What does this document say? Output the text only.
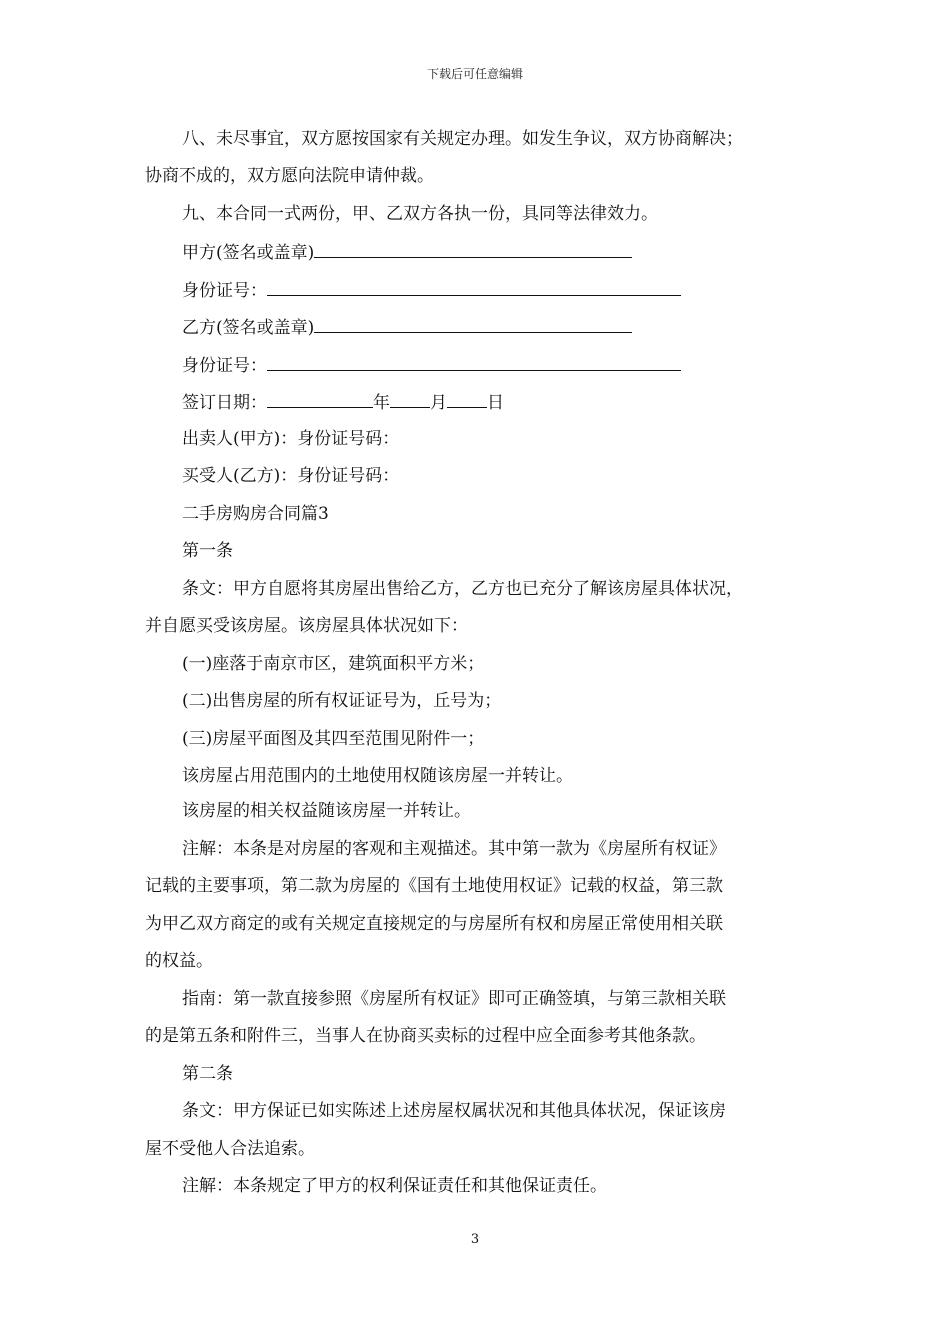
下载后可任意编辑
八、未尽事宜，双方愿按国家有关规定办理。如发生争议，双方协商解决；
协商不成的，双方愿向法院申请仲裁。
九、本合同一式两份，甲、乙双方各执一份，具同等法律效力。
甲方(签名或盖章)
身份证号：
乙方(签名或盖章)
身份证号：
签订日期：	年 月 日
出卖人(甲方)：身份证号码：
买受人(乙方)：身份证号码：
二手房购房合同篇3
第一条
条文：甲方自愿将其房屋出售给乙方，乙方也已充分了解该房屋具体状况，
并自愿买受该房屋。该房屋具体状况如下：
(一)座落于南京市区，建筑面积平方米；
(二)出售房屋的所有权证证号为，丘号为；
(三)房屋平面图及其四至范围见附件一；
该房屋占用范围内的土地使用权随该房屋一并转让。
该房屋的相关权益随该房屋一并转让。
注解：本条是对房屋的客观和主观描述。其中第一款为《房屋所有权证》
记载的主要事项，第二款为房屋的《国有土地使用权证》记载的权益，第三款
为甲乙双方商定的或有关规定直接规定的与房屋所有权和房屋正常使用相关联
的权益。
指南：第一款直接参照《房屋所有权证》即可正确签填，与第三款相关联
的是第五条和附件三，当事人在协商买卖标的过程中应全面参考其他条款。
第二条
条文：甲方保证已如实陈述上述房屋权属状况和其他具体状况，保证该房
屋不受他人合法追索。
注解：本条规定了甲方的权利保证责任和其他保证责任。
3
